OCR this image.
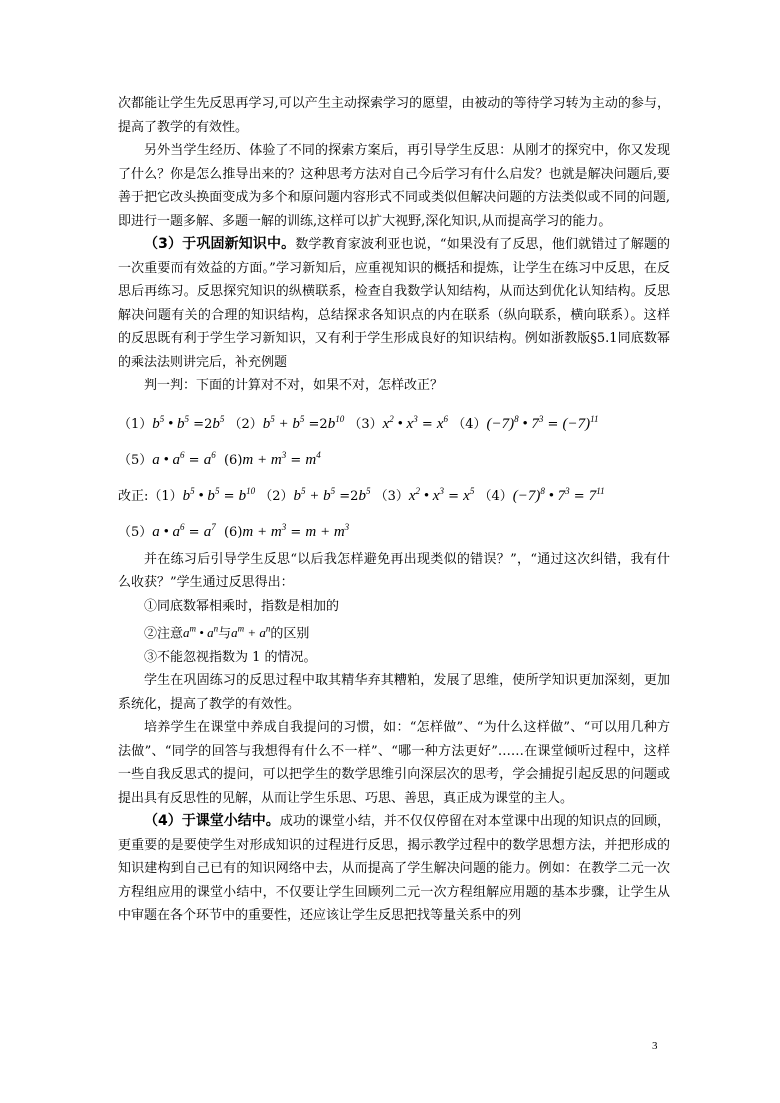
次都能让学生先反思再学习,可以产生主动探索学习的愿望，由被动的等待学习转为主动的参与，提高了教学的有效性。

另外当学生经历、体验了不同的探索方案后，再引导学生反思：从刚才的探究中，你又发现了什么？你是怎么推导出来的？这种思考方法对自己今后学习有什么启发？也就是解决问题后,要善于把它改头换面变成为多个和原问题内容形式不同或类似但解决问题的方法类似或不同的问题,即进行一题多解、多题一解的训练,这样可以扩大视野,深化知识,从而提高学习的能力。

（3）于巩固新知识中。数学教育家波利亚也说，“如果没有了反思，他们就错过了解题的一次重要而有效益的方面。”学习新知后，应重视知识的概括和提炼，让学生在练习中反思，在反思后再练习。反思探究知识的纵横联系，检查自我数学认知结构，从而达到优化认知结构。反思解决问题有关的合理的知识结构，总结探求各知识点的内在联系（纵向联系，横向联系）。这样的反思既有利于学生学习新知识，又有利于学生形成良好的知识结构。例如浙教版§5.1同底数幂的乘法法则讲完后，补充例题

判一判：下面的计算对不对，如果不对，怎样改正？

$(1)b^5$ • $b^5 =2b^5$ $(2)b^5 + b^5 =2b^{10}$ $(3)x^2$ • $x^3 = x^6$ $(4)(-7)^8$ • $7^3 = (-7)^{11}$
（5）a • $a^6 = a^6$ $(6)m + m^3 = m^4$
改正$:(1)b^5$ • $b^5 = b^{10}$ $(2)b^5 + b^5 =2b^5$ $(3)x^2$ • $x^3 = x^5$ $(4)(-7)^8$ • $7^3 = 7^{11}$
（5）a • $a^6 = a^7$ $(6)m + m^3 = m + m^3$

并在练习后引导学生反思“以后我怎样避免再出现类似的错误？”，“通过这次纠错，我有什么收获？”学生通过反思得出：

①同底数幂相乘时，指数是相加的
②注意$a^m$ • $a^n$与$a^m + a^n$的区别
③不能忽视指数为 1 的情况。

学生在巩固练习的反思过程中取其精华弃其糟粕，发展了思维，使所学知识更加深刻，更加系统化，提高了教学的有效性。

培养学生在课堂中养成自我提问的习惯，如：“怎样做”、“为什么这样做”、“可以用几种方法做”、“同学的回答与我想得有什么不一样”、“哪一种方法更好”……在课堂倾听过程中，这样一些自我反思式的提问，可以把学生的数学思维引向深层次的思考，学会捕捉引起反思的问题或提出具有反思性的见解，从而让学生乐思、巧思、善思，真正成为课堂的主人。

（4）于课堂小结中。成功的课堂小结，并不仅仅停留在对本堂课中出现的知识点的回顾，更重要的是要使学生对形成知识的过程进行反思，揭示教学过程中的数学思想方法，并把形成的知识建构到自己已有的知识网络中去，从而提高了学生解决问题的能力。例如：在教学二元一次方程组应用的课堂小结中，不仅要让学生回顾列二元一次方程组解应用题的基本步骤，让学生从中审题在各个环节中的重要性，还应该让学生反思把找等量关系中的列

3
